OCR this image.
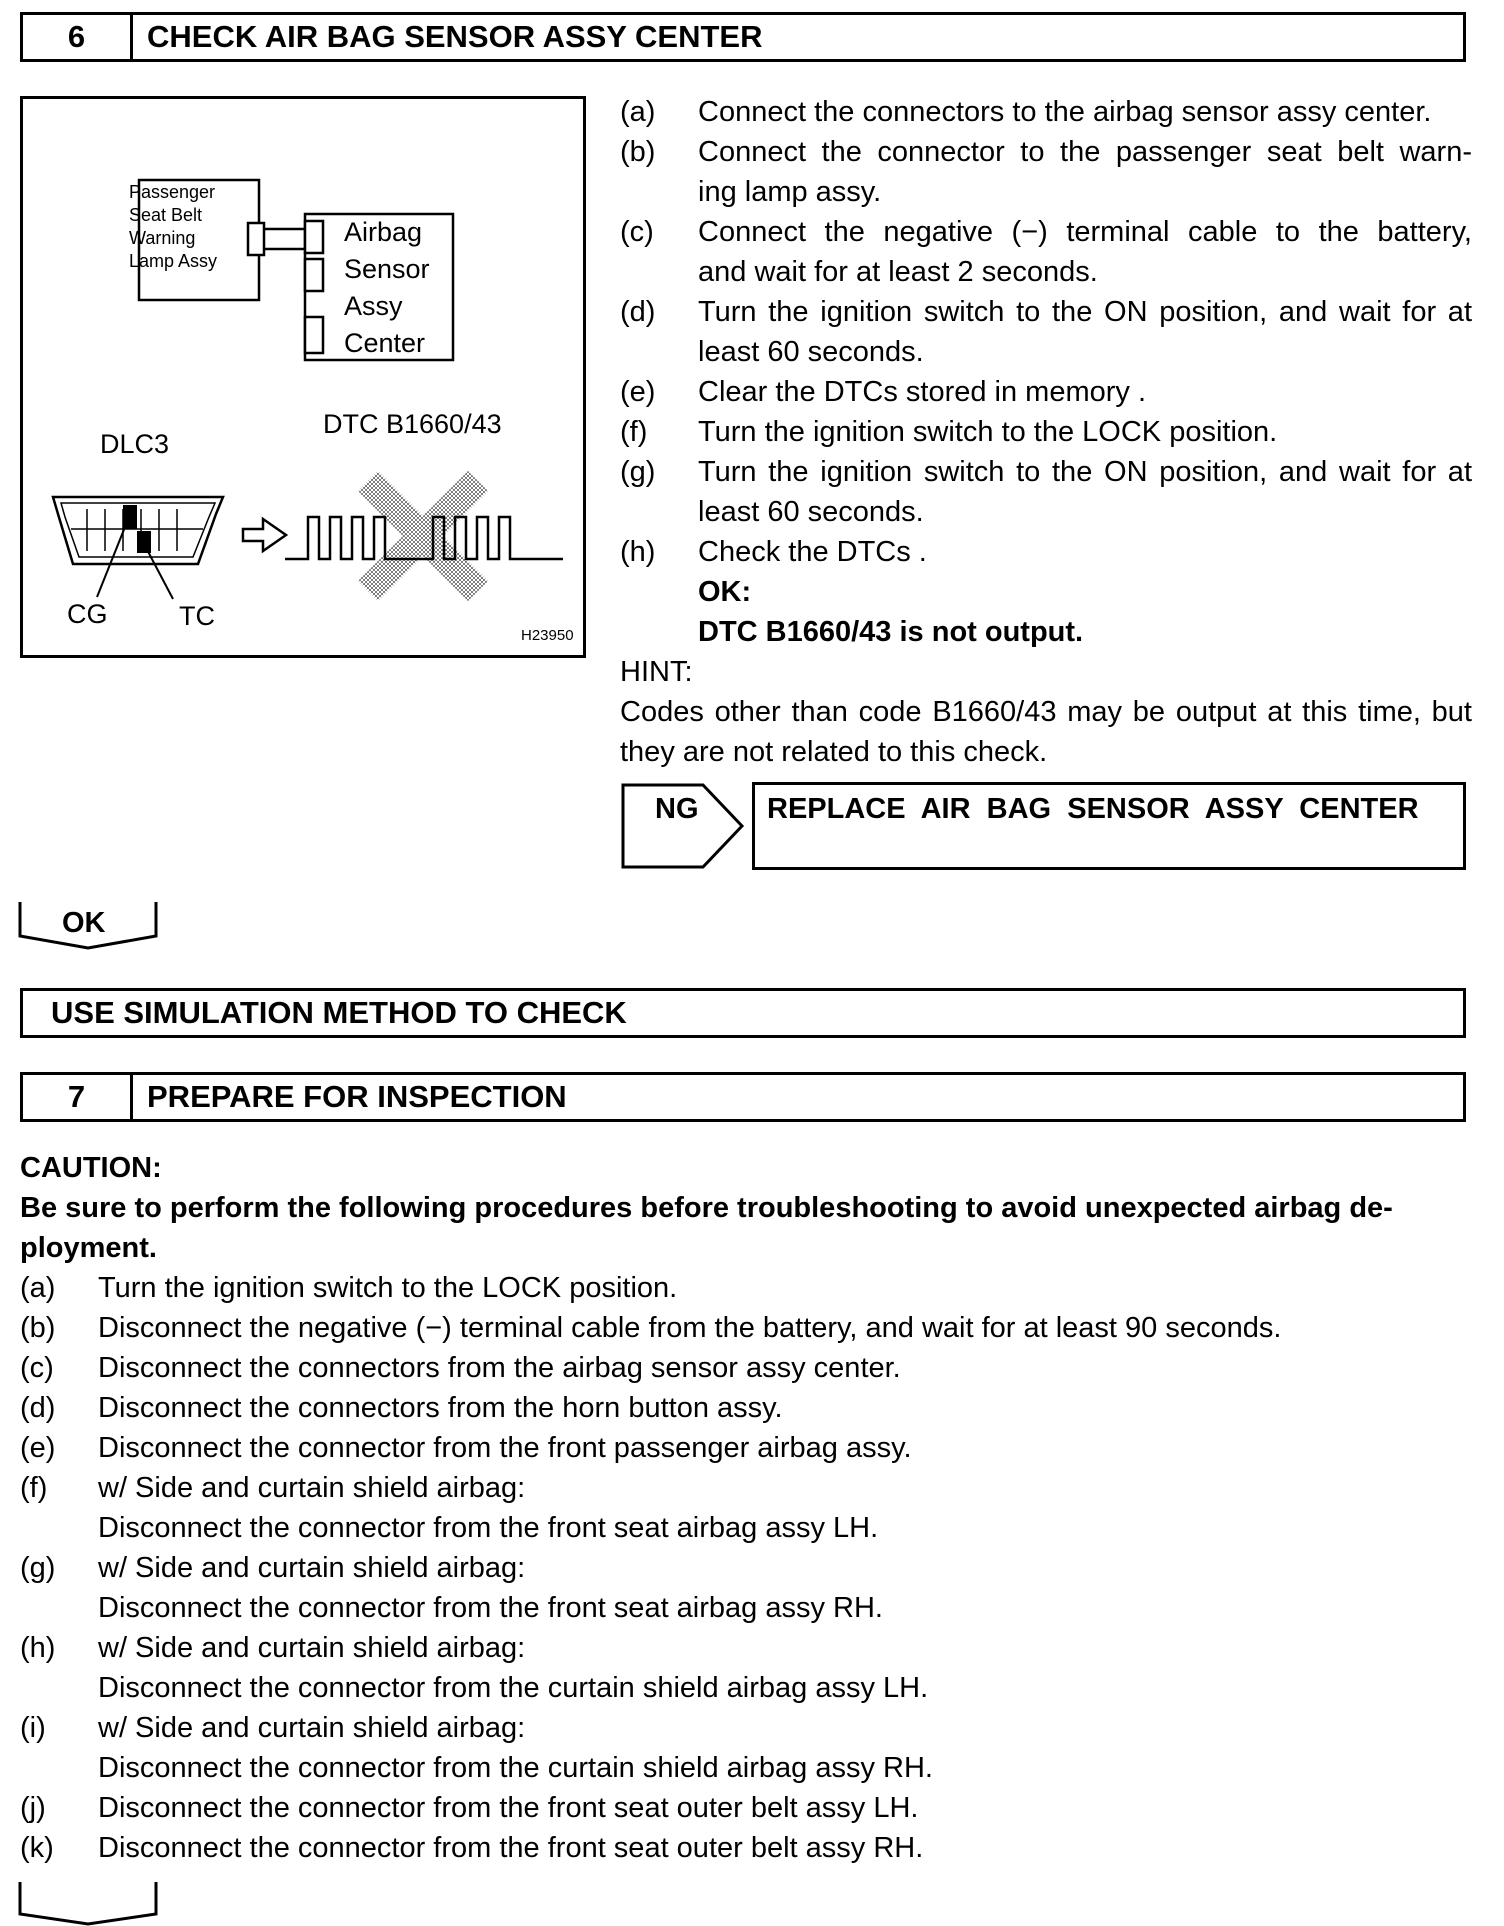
6	CHECK AIR BAG SENSOR ASSY CENTER
Passenger
Seat Belt
Warning
Lamp Assy
Airbag
Sensor
Assy
Center
DLC3
DTC B1660/43
CG	TC
H23950
(a) Connect the connectors to the airbag sensor assy center.
(b) Connect the connector to the passenger seat belt warn-
ing lamp assy.
(c) Connect the negative (−) terminal cable to the battery,
and wait for at least 2 seconds.
(d) Turn the ignition switch to the ON position, and wait for at
least 60 seconds.
(e) Clear the DTCs stored in memory .
(f) Turn the ignition switch to the LOCK position.
(g) Turn the ignition switch to the ON position, and wait for at
least 60 seconds.
(h) Check the DTCs .
OK:
DTC B1660/43 is not output.
HINT:
Codes other than code B1660/43 may be output at this time, but
they are not related to this check.
NG	REPLACE  AIR  BAG  SENSOR  ASSY  CENTER
OK
USE SIMULATION METHOD TO CHECK
7	PREPARE FOR INSPECTION
CAUTION:
Be sure to perform the following procedures before troubleshooting to avoid unexpected airbag de-
ployment.
(a) Turn the ignition switch to the LOCK position.
(b) Disconnect the negative (−) terminal cable from the battery, and wait for at least 90 seconds.
(c) Disconnect the connectors from the airbag sensor assy center.
(d) Disconnect the connectors from the horn button assy.
(e) Disconnect the connector from the front passenger airbag assy.
(f) w/ Side and curtain shield airbag:
Disconnect the connector from the front seat airbag assy LH.
(g) w/ Side and curtain shield airbag:
Disconnect the connector from the front seat airbag assy RH.
(h) w/ Side and curtain shield airbag:
Disconnect the connector from the curtain shield airbag assy LH.
(i) w/ Side and curtain shield airbag:
Disconnect the connector from the curtain shield airbag assy RH.
(j) Disconnect the connector from the front seat outer belt assy LH.
(k) Disconnect the connector from the front seat outer belt assy RH.
